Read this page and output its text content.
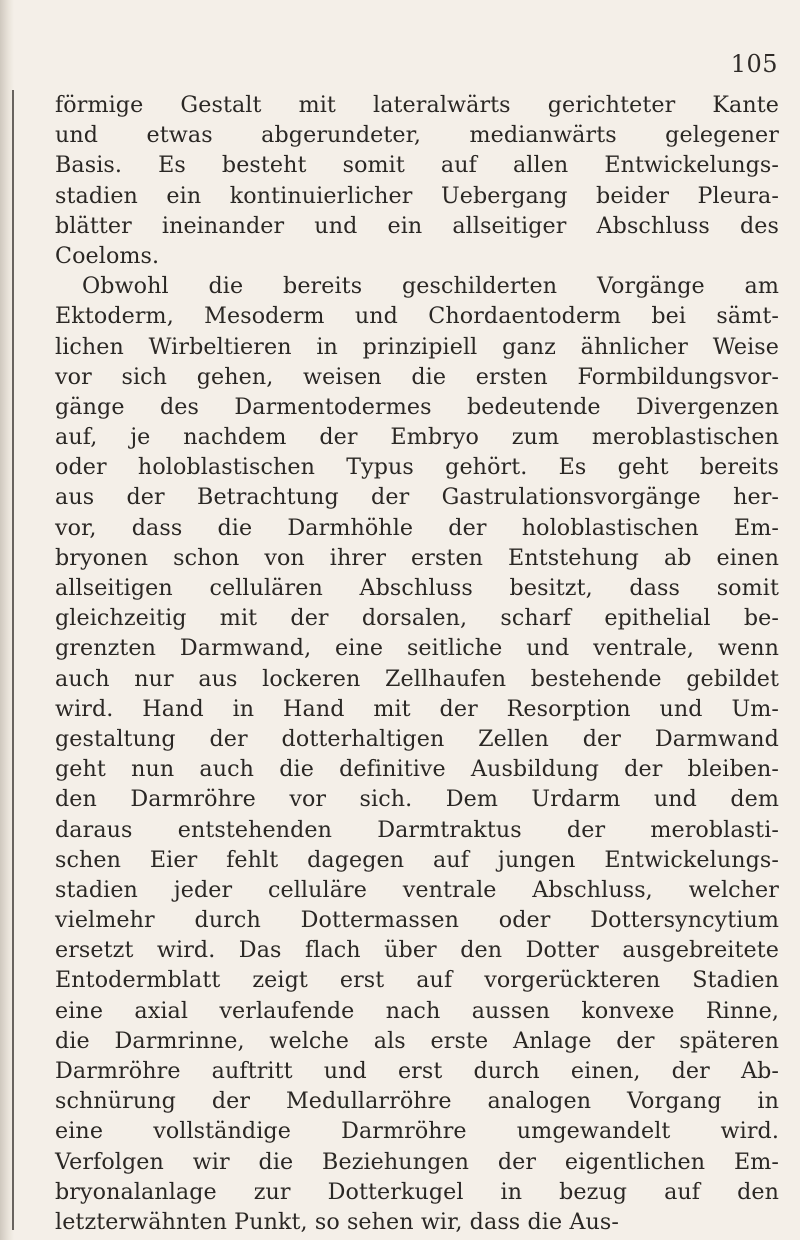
105
förmige Gestalt mit lateralwärts gerichteter Kante
und etwas abgerundeter, medianwärts gelegener
Basis. Es besteht somit auf allen Entwickelungs-
stadien ein kontinuierlicher Uebergang beider Pleura-
blätter ineinander und ein allseitiger Abschluss des
Coeloms.
Obwohl die bereits geschilderten Vorgänge am
Ektoderm, Mesoderm und Chordaentoderm bei sämt-
lichen Wirbeltieren in prinzipiell ganz ähnlicher Weise
vor sich gehen, weisen die ersten Formbildungsvor-
gänge des Darmentodermes bedeutende Divergenzen
auf, je nachdem der Embryo zum meroblastischen
oder holoblastischen Typus gehört. Es geht bereits
aus der Betrachtung der Gastrulationsvorgänge her-
vor, dass die Darmhöhle der holoblastischen Em-
bryonen schon von ihrer ersten Entstehung ab einen
allseitigen cellulären Abschluss besitzt, dass somit
gleichzeitig mit der dorsalen, scharf epithelial be-
grenzten Darmwand, eine seitliche und ventrale, wenn
auch nur aus lockeren Zellhaufen bestehende gebildet
wird. Hand in Hand mit der Resorption und Um-
gestaltung der dotterhaltigen Zellen der Darmwand
geht nun auch die definitive Ausbildung der bleiben-
den Darmröhre vor sich. Dem Urdarm und dem
daraus entstehenden Darmtraktus der meroblasti-
schen Eier fehlt dagegen auf jungen Entwickelungs-
stadien jeder celluläre ventrale Abschluss, welcher
vielmehr durch Dottermassen oder Dottersyncytium
ersetzt wird. Das flach über den Dotter ausgebreitete
Entodermblatt zeigt erst auf vorgerückteren Stadien
eine axial verlaufende nach aussen konvexe Rinne,
die Darmrinne, welche als erste Anlage der späteren
Darmröhre auftritt und erst durch einen, der Ab-
schnürung der Medullarröhre analogen Vorgang in
eine vollständige Darmröhre umgewandelt wird.
Verfolgen wir die Beziehungen der eigentlichen Em-
bryonalanlage zur Dotterkugel in bezug auf den
letzterwähnten Punkt, so sehen wir, dass die Aus-
